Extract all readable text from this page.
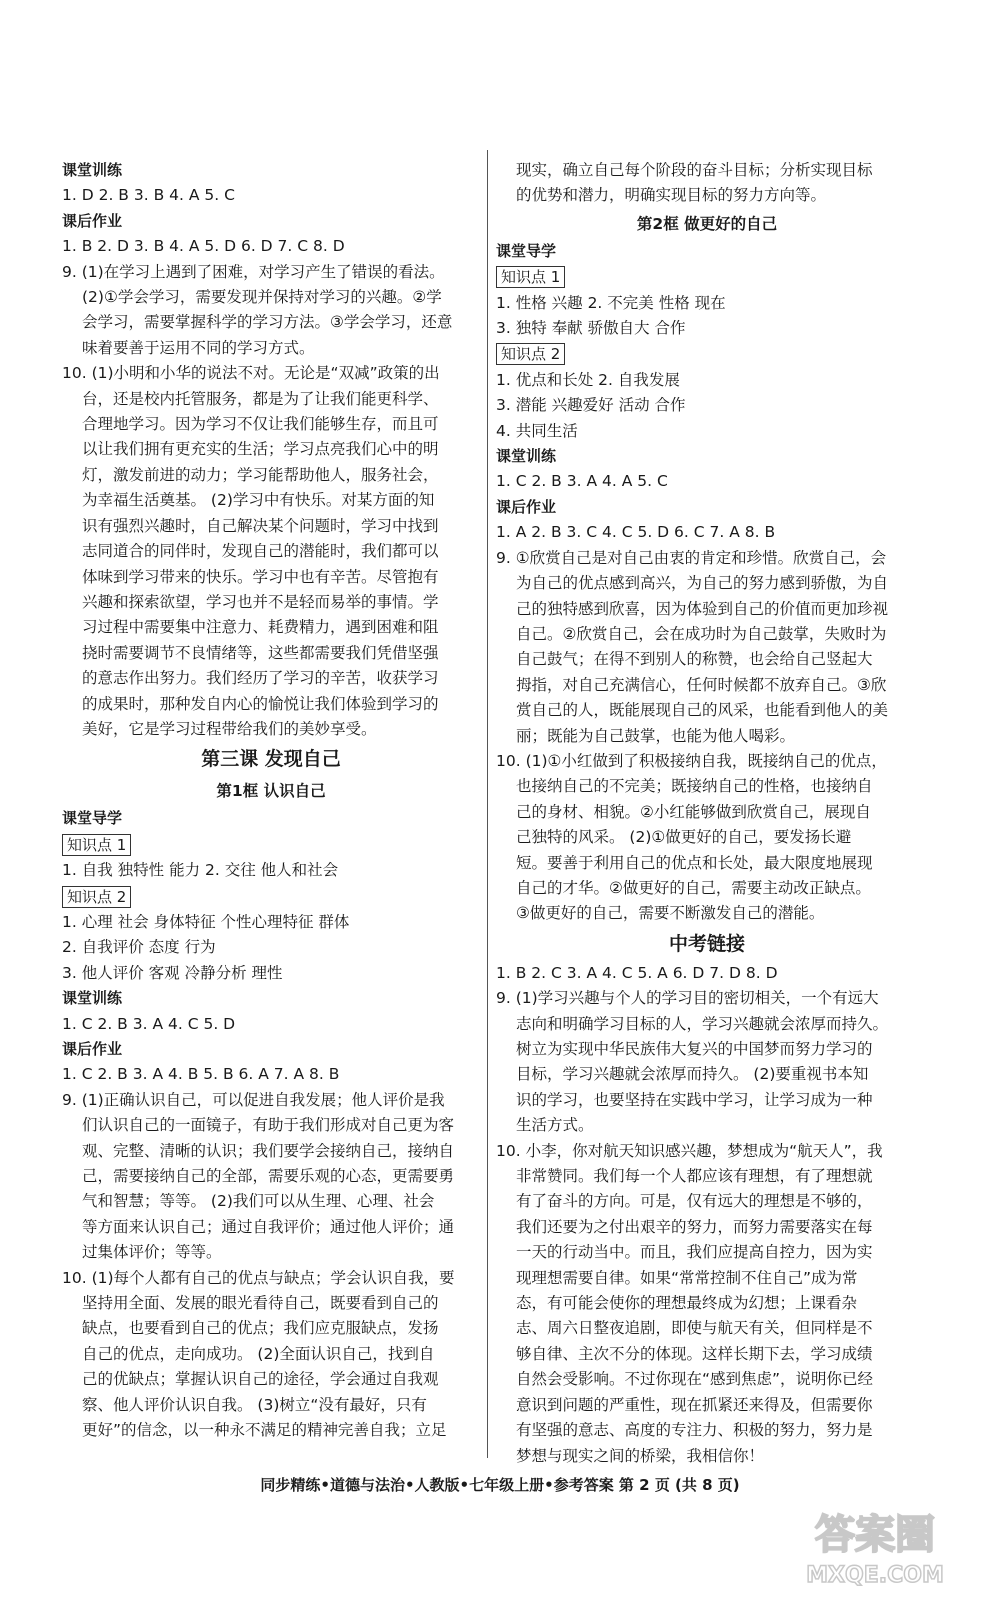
课堂训练
1. D 2. B 3. B 4. A 5. C
课后作业
1. B 2. D 3. B 4. A 5. D 6. D 7. C 8. D
9. (1)在学习上遇到了困难，对学习产生了错误的看法。
(2)①学会学习，需要发现并保持对学习的兴趣。②学
会学习，需要掌握科学的学习方法。③学会学习，还意
味着要善于运用不同的学习方式。
10. (1)小明和小华的说法不对。无论是“双减”政策的出
台，还是校内托管服务，都是为了让我们能更科学、
合理地学习。因为学习不仅让我们能够生存，而且可
以让我们拥有更充实的生活；学习点亮我们心中的明
灯，激发前进的动力；学习能帮助他人，服务社会，
为幸福生活奠基。 (2)学习中有快乐。对某方面的知
识有强烈兴趣时，自己解决某个问题时，学习中找到
志同道合的同伴时，发现自己的潜能时，我们都可以
体味到学习带来的快乐。学习中也有辛苦。尽管抱有
兴趣和探索欲望，学习也并不是轻而易举的事情。学
习过程中需要集中注意力、耗费精力，遇到困难和阻
挠时需要调节不良情绪等，这些都需要我们凭借坚强
的意志作出努力。我们经历了学习的辛苦，收获学习
的成果时，那种发自内心的愉悦让我们体验到学习的
美好，它是学习过程带给我们的美妙享受。
第三课 发现自己
第1框 认识自己
课堂导学
知识点 1
1. 自我 独特性 能力 2. 交往 他人和社会
知识点 2
1. 心理 社会 身体特征 个性心理特征 群体
2. 自我评价 态度 行为
3. 他人评价 客观 冷静分析 理性
课堂训练
1. C 2. B 3. A 4. C 5. D
课后作业
1. C 2. B 3. A 4. B 5. B 6. A 7. A 8. B
9. (1)正确认识自己，可以促进自我发展；他人评价是我
们认识自己的一面镜子，有助于我们形成对自己更为客
观、完整、清晰的认识；我们要学会接纳自己，接纳自
己，需要接纳自己的全部，需要乐观的心态，更需要勇
气和智慧；等等。 (2)我们可以从生理、心理、社会
等方面来认识自己；通过自我评价；通过他人评价；通
过集体评价；等等。
10. (1)每个人都有自己的优点与缺点；学会认识自我，要
坚持用全面、发展的眼光看待自己，既要看到自己的
缺点，也要看到自己的优点；我们应克服缺点，发扬
自己的优点，走向成功。 (2)全面认识自己，找到自
己的优缺点；掌握认识自己的途径，学会通过自我观
察、他人评价认识自我。 (3)树立“没有最好，只有
更好”的信念，以一种永不满足的精神完善自我；立足
现实，确立自己每个阶段的奋斗目标；分析实现目标
的优势和潜力，明确实现目标的努力方向等。
第2框 做更好的自己
课堂导学
知识点 1
1. 性格 兴趣 2. 不完美 性格 现在
3. 独特 奉献 骄傲自大 合作
知识点 2
1. 优点和长处 2. 自我发展
3. 潜能 兴趣爱好 活动 合作
4. 共同生活
课堂训练
1. C 2. B 3. A 4. A 5. C
课后作业
1. A 2. B 3. C 4. C 5. D 6. C 7. A 8. B
9. ①欣赏自己是对自己由衷的肯定和珍惜。欣赏自己，会
为自己的优点感到高兴，为自己的努力感到骄傲，为自
己的独特感到欣喜，因为体验到自己的价值而更加珍视
自己。②欣赏自己，会在成功时为自己鼓掌，失败时为
自己鼓气；在得不到别人的称赞，也会给自己竖起大
拇指，对自己充满信心，任何时候都不放弃自己。③欣
赏自己的人，既能展现自己的风采，也能看到他人的美
丽；既能为自己鼓掌，也能为他人喝彩。
10. (1)①小红做到了积极接纳自我，既接纳自己的优点，
也接纳自己的不完美；既接纳自己的性格，也接纳自
己的身材、相貌。②小红能够做到欣赏自己，展现自
己独特的风采。 (2)①做更好的自己，要发扬长避
短。要善于利用自己的优点和长处，最大限度地展现
自己的才华。②做更好的自己，需要主动改正缺点。
③做更好的自己，需要不断激发自己的潜能。
中考链接
1. B 2. C 3. A 4. C 5. A 6. D 7. D 8. D
9. (1)学习兴趣与个人的学习目的密切相关，一个有远大
志向和明确学习目标的人，学习兴趣就会浓厚而持久。
树立为实现中华民族伟大复兴的中国梦而努力学习的
目标，学习兴趣就会浓厚而持久。 (2)要重视书本知
识的学习，也要坚持在实践中学习，让学习成为一种
生活方式。
10. 小李，你对航天知识感兴趣，梦想成为“航天人”，我
非常赞同。我们每一个人都应该有理想，有了理想就
有了奋斗的方向。可是，仅有远大的理想是不够的，
我们还要为之付出艰辛的努力，而努力需要落实在每
一天的行动当中。而且，我们应提高自控力，因为实
现理想需要自律。如果“常常控制不住自己”成为常
态，有可能会使你的理想最终成为幻想；上课看杂
志、周六日整夜追剧，即使与航天有关，但同样是不
够自律、主次不分的体现。这样长期下去，学习成绩
自然会受影响。不过你现在“感到焦虑”，说明你已经
意识到问题的严重性，现在抓紧还来得及，但需要你
有坚强的意志、高度的专注力、积极的努力，努力是
梦想与现实之间的桥梁，我相信你！
同步精练•道德与法治•人教版•七年级上册•参考答案 第 2 页 (共 8 页)
答案圈
MXQE.COM
